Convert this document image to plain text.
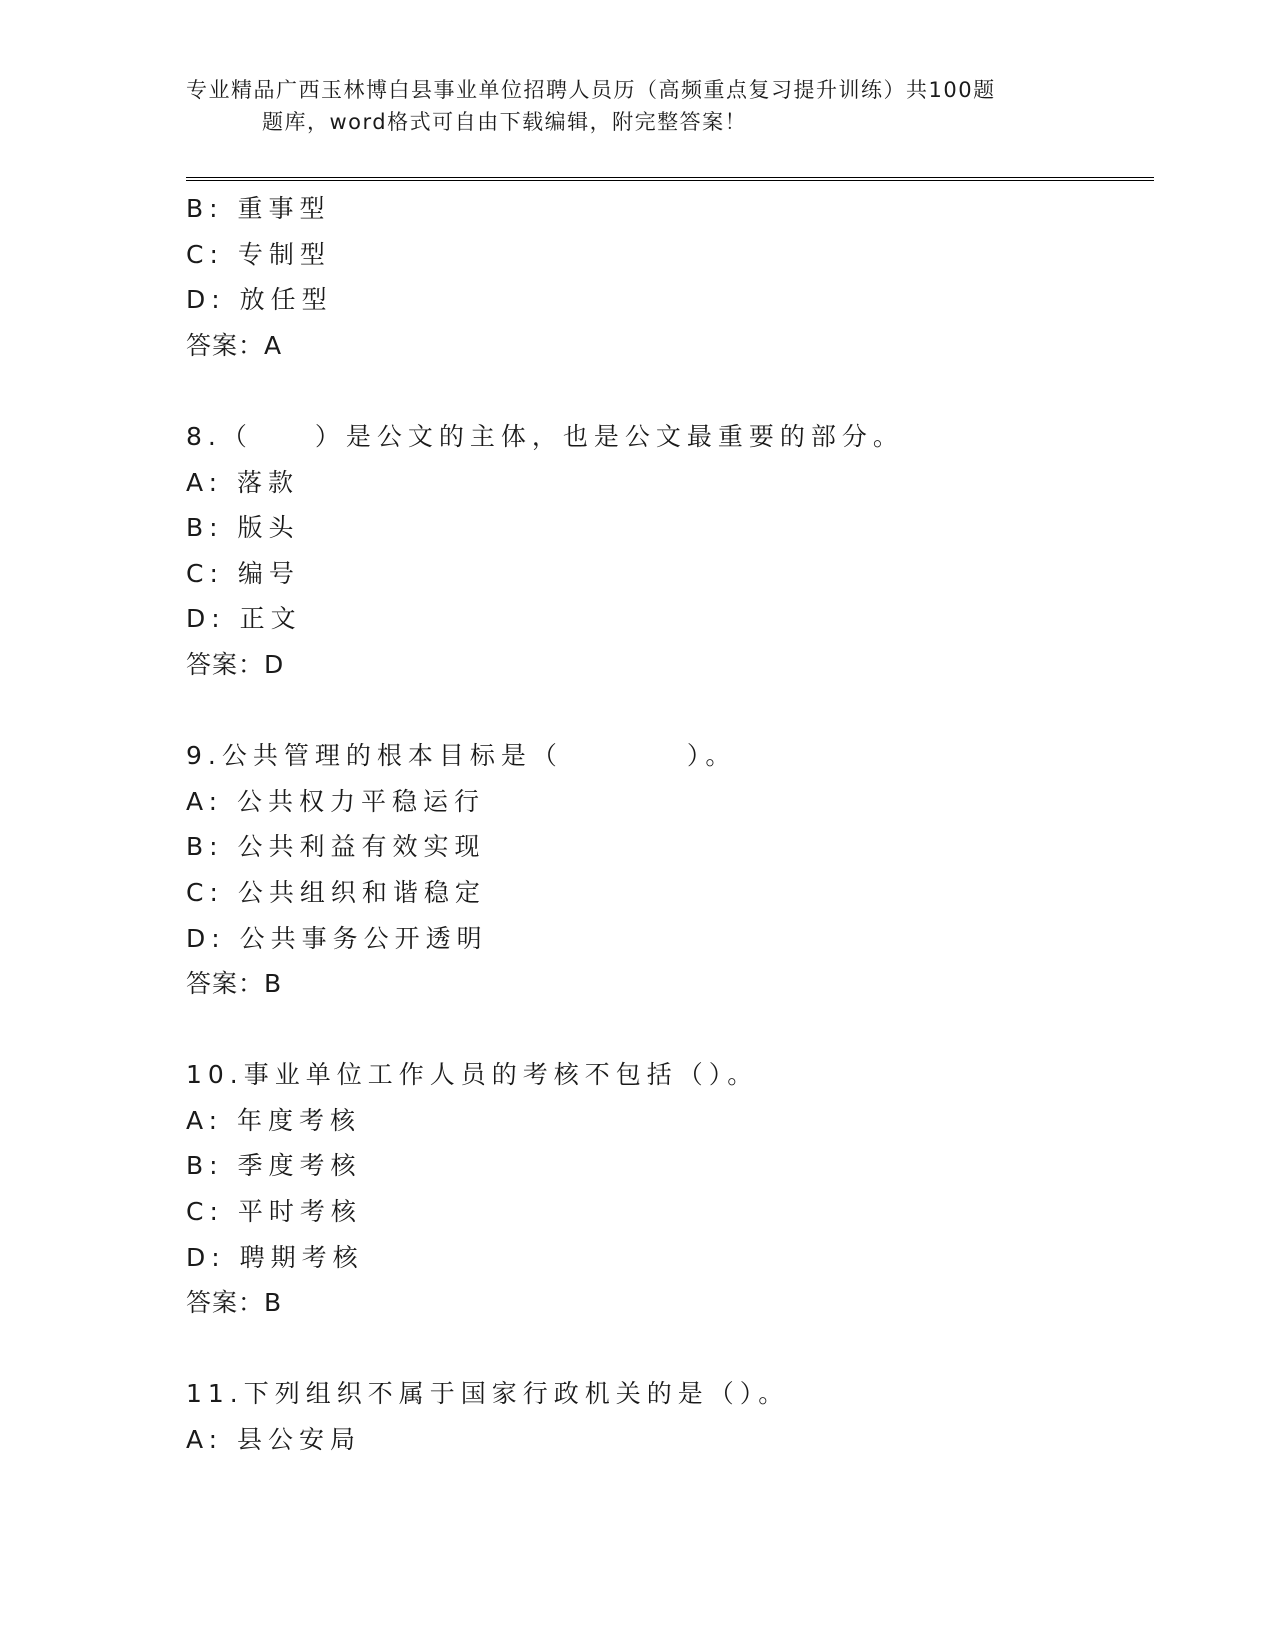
专业精品广西玉林博白县事业单位招聘人员历（高频重点复习提升训练）共100题
题库，word格式可自由下载编辑，附完整答案！
B: 重事型
C: 专制型
D: 放任型
答案：A
8.（　　）是公文的主体，也是公文最重要的部分。
A: 落款
B: 版头
C: 编号
D: 正文
答案：D
9.公共管理的根本目标是（　　　　）。
A: 公共权力平稳运行
B: 公共利益有效实现
C: 公共组织和谐稳定
D: 公共事务公开透明
答案：B
10.事业单位工作人员的考核不包括（）。
A: 年度考核
B: 季度考核
C: 平时考核
D: 聘期考核
答案：B
11.下列组织不属于国家行政机关的是（）。
A: 县公安局
